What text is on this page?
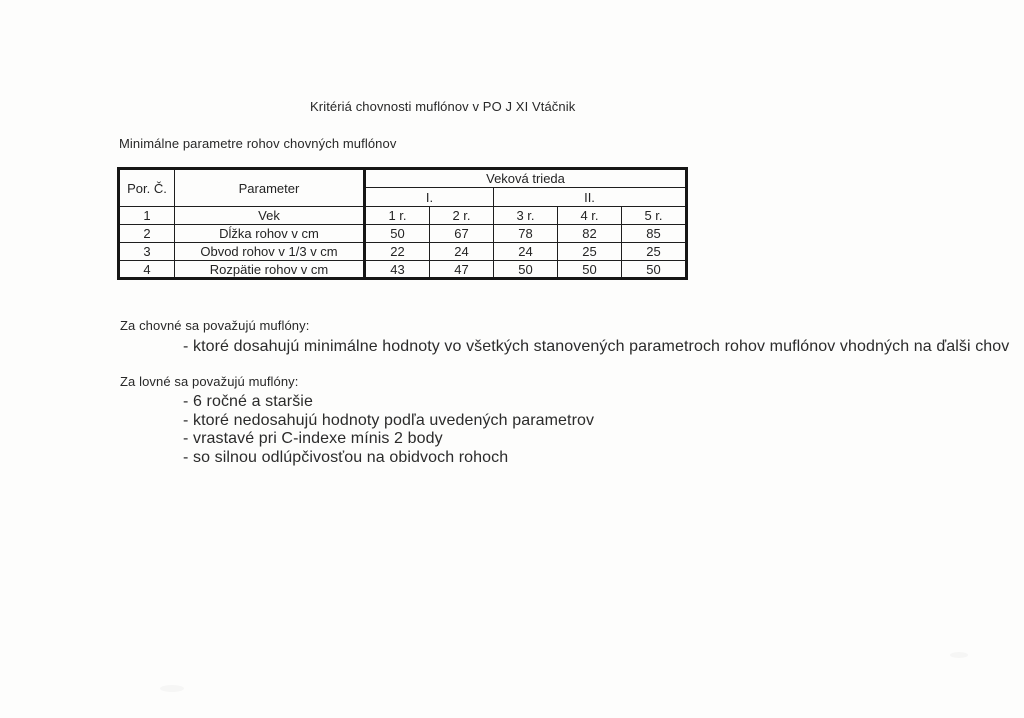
Kritériá chovnosti muflónov v PO J XI Vtáčnik
Minimálne parametre rohov chovných muflónov
Por. Č.	Parameter	Veková trieda				
		I.		II.		
1	Vek	1 r.	2 r.	3 r.	4 r.	5 r.
2	Dĺžka rohov v cm	50	67	78	82	85
3	Obvod rohov v 1/3 v cm	22	24	24	25	25
4	Rozpätie rohov v cm	43	47	50	50	50
Za chovné sa považujú muflóny:
- ktoré dosahujú minimálne hodnoty vo všetkých stanovených parametroch rohov muflónov vhodných na ďalši chov
Za lovné sa považujú muflóny:
- 6 ročné a staršie
- ktoré nedosahujú hodnoty podľa uvedených parametrov
- vrastavé pri C-indexe mínis 2 body
- so silnou odlúpčivosťou na obidvoch rohoch
